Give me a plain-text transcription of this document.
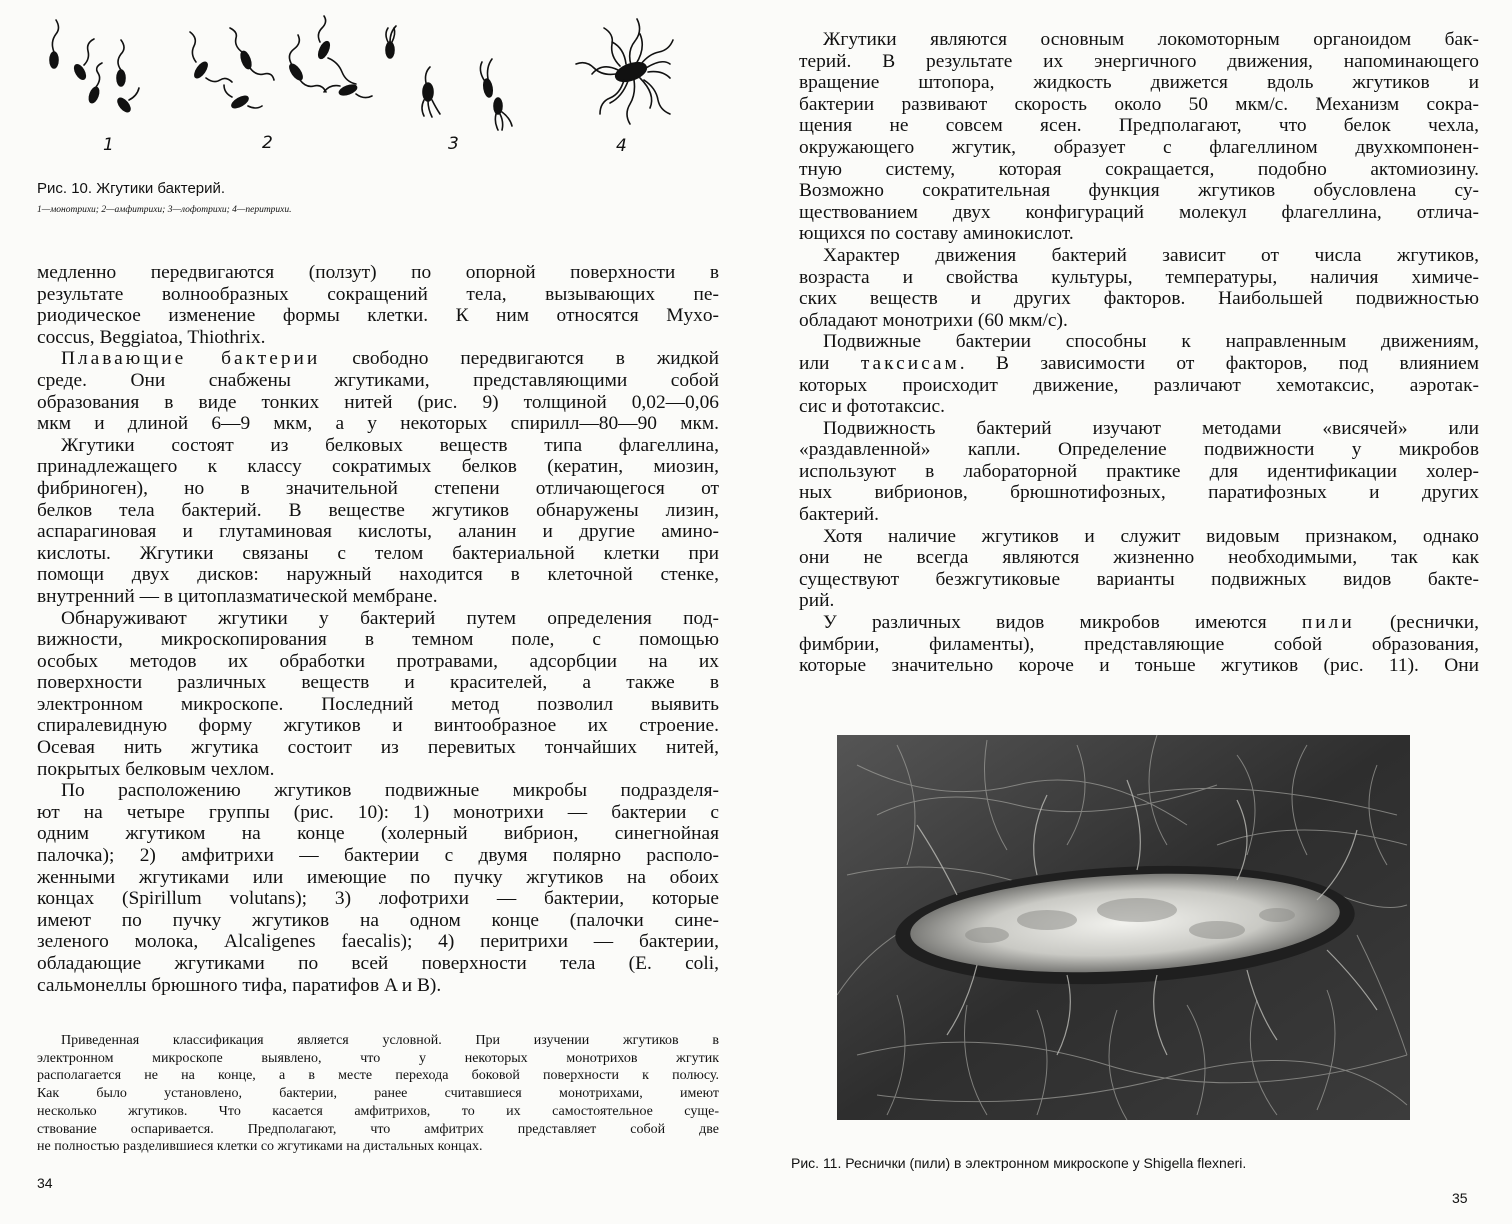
1	2	3	4

Рис. 10. Жгутики бактерий.

1—монотрихи; 2—амфитрихи; 3—лофотрихи; 4—перитрихи.

медленно передвигаются (ползут) по опорной поверхности в
результате волнообразных сокращений тела, вызывающих пе-
риодическое изменение формы клетки. К ним относятся Myxo-
coccus, Beggiatoa, Thiothrix.
Плавающие бактерии свободно передвигаются в жидкой
среде. Они снабжены жгутиками, представляющими собой
образования в виде тонких нитей (рис. 9) толщиной 0,02—0,06
мкм и длиной 6—9 мкм, а у некоторых спирилл—80—90 мкм.
Жгутики состоят из белковых веществ типа флагеллина,
принадлежащего к классу сократимых белков (кератин, миозин,
фибриноген), но в значительной степени отличающегося от
белков тела бактерий. В веществе жгутиков обнаружены лизин,
аспарагиновая и глутаминовая кислоты, аланин и другие амино-
кислоты. Жгутики связаны с телом бактериальной клетки при
помощи двух дисков: наружный находится в клеточной стенке,
внутренний — в цитоплазматической мембране.
Обнаруживают жгутики у бактерий путем определения под-
вижности, микроскопирования в темном поле, с помощью
особых методов их обработки протравами, адсорбции на их
поверхности различных веществ и красителей, а также в
электронном микроскопе. Последний метод позволил выявить
спиралевидную форму жгутиков и винтообразное их строение.
Осевая нить жгутика состоит из перевитых тончайших нитей,
покрытых белковым чехлом.
По расположению жгутиков подвижные микробы подразделя-
ют на четыре группы (рис. 10): 1) монотрихи — бактерии с
одним жгутиком на конце (холерный вибрион, синегнойная
палочка); 2) амфитрихи — бактерии с двумя полярно располо-
женными жгутиками или имеющие по пучку жгутиков на обоих
концах (Spirillum volutans); 3) лофотрихи — бактерии, которые
имеют по пучку жгутиков на одном конце (палочки сине-
зеленого молока, Alcaligenes faecalis); 4) перитрихи — бактерии,
обладающие жгутиками по всей поверхности тела (E. coli,
сальмонеллы брюшного тифа, паратифов A и B).
Приведенная классификация является условной. При изучении жгутиков в
электронном микроскопе выявлено, что у некоторых монотрихов жгутик
располагается не на конце, а в месте перехода боковой поверхности к полюсу.
Как было установлено, бактерии, ранее считавшиеся монотрихами, имеют
несколько жгутиков. Что касается амфитрихов, то их самостоятельное суще-
ствование оспаривается. Предполагают, что амфитрих представляет собой две
не полностью разделившиеся клетки со жгутиками на дистальных концах.

34

Жгутики являются основным локомоторным органоидом бак-
терий. В результате их энергичного движения, напоминающего
вращение штопора, жидкость движется вдоль жгутиков и
бактерии развивают скорость около 50 мкм/с. Механизм сокра-
щения не совсем ясен. Предполагают, что белок чехла,
окружающего жгутик, образует с флагеллином двухкомпонен-
тную систему, которая сокращается, подобно актомиозину.
Возможно сократительная функция жгутиков обусловлена су-
ществованием двух конфигураций молекул флагеллина, отлича-
ющихся по составу аминокислот.
Характер движения бактерий зависит от числа жгутиков,
возраста и свойства культуры, температуры, наличия химиче-
ских веществ и других факторов. Наибольшей подвижностью
обладают монотрихи (60 мкм/с).
Подвижные бактерии способны к направленным движениям,
или таксисам. В зависимости от факторов, под влиянием
которых происходит движение, различают хемотаксис, аэротак-
сис и фототаксис.
Подвижность бактерий изучают методами «висячей» или
«раздавленной» капли. Определение подвижности у микробов
используют в лабораторной практике для идентификации холер-
ных вибрионов, брюшнотифозных, паратифозных и других
бактерий.
Хотя наличие жгутиков и служит видовым признаком, однако
они не всегда являются жизненно необходимыми, так как
существуют безжгутиковые варианты подвижных видов бакте-
рий.
У различных видов микробов имеются пили (реснички,
фимбрии, филаменты), представляющие собой образования,
которые значительно короче и тоньше жгутиков (рис. 11). Они

Рис. 11. Реснички (пили) в электронном микроскопе у Shigella flexneri.

35
